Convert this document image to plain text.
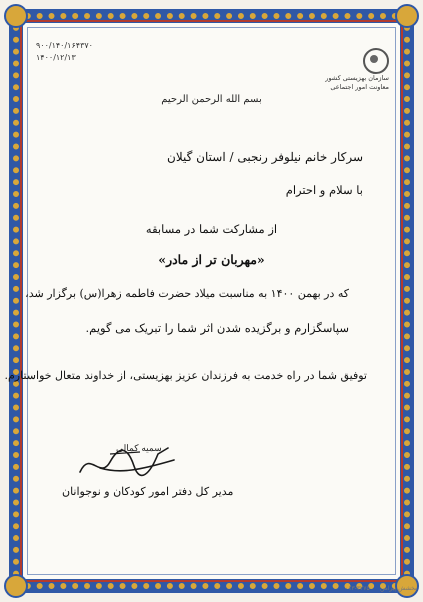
۹۰۰/۱۴۰/۱۶۴۳۷۰
۱۴۰۰/۱۲/۱۳
سازمان بهزیستی کشور
معاونت امور اجتماعی
بسم الله الرحمن الرحیم
سرکار خانم نیلوفر رنجبی / استان گیلان
با سلام و احترام
از مشارکت شما در مسابقه
«مهربان تر از مادر»
که در بهمن ۱۴۰۰ به مناسبت میلاد حضرت فاطمه زهرا(س) برگزار شد،
سپاسگزارم و برگزیده شدن اثر شما را تبریک می گویم.
توفیق شما در راه خدمت به فرزندان عزیز بهزیستی، از خداوند متعال خواستارم.
سمیه کمالی
مدیر کل دفتر امور کودکان و نوجوانان
بخشش پیرامن
۰۱۳-۳۲۷۵
